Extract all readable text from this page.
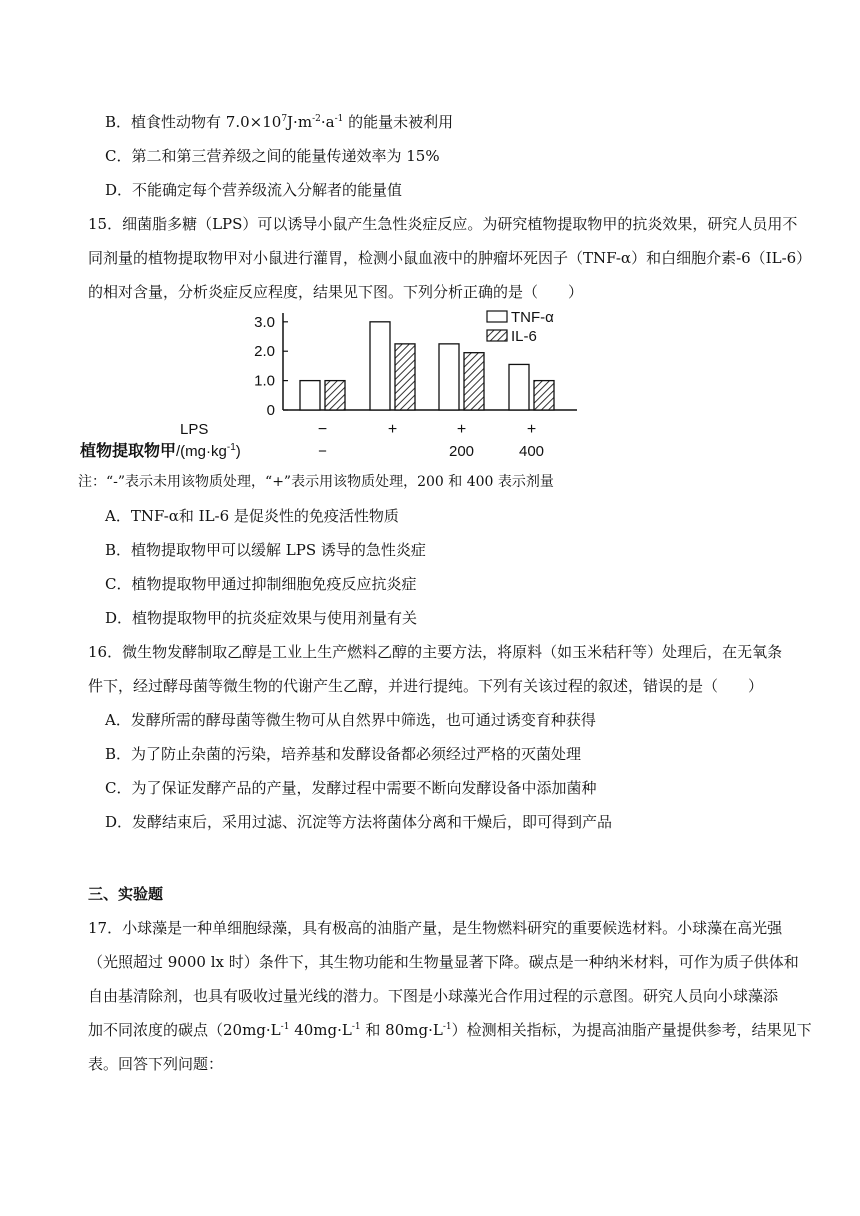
B．植食性动物有 $7.0\times 10^7J\cdot m^{-2}\cdot a^{-1}$ 的能量未被利用
C．第二和第三营养级之间的能量传递效率为 15%
D．不能确定每个营养级流入分解者的能量值
15．细菌脂多糖（LPS）可以诱导小鼠产生急性炎症反应。为研究植物提取物甲的抗炎效果，研究人员用不
同剂量的植物提取物甲对小鼠进行灌胃，检测小鼠血液中的肿瘤坏死因子（TNF-α）和白细胞介素-6（IL-6）
的相对含量，分析炎症反应程度，结果见下图。下列分析正确的是（　　）
0
1.0
2.0
3.0	TNF-α
IL-6
LPS	−	+	+	+
植物提取物甲$/(mg\cdot kg^{-1})$	−	200	400
注：“-”表示未用该物质处理，“+”表示用该物质处理，200 和 400 表示剂量
A．TNF-α和 IL-6 是促炎性的免疫活性物质
B．植物提取物甲可以缓解 LPS 诱导的急性炎症
C．植物提取物甲通过抑制细胞免疫反应抗炎症
D．植物提取物甲的抗炎症效果与使用剂量有关
16．微生物发酵制取乙醇是工业上生产燃料乙醇的主要方法，将原料（如玉米秸秆等）处理后，在无氧条
件下，经过酵母菌等微生物的代谢产生乙醇，并进行提纯。下列有关该过程的叙述，错误的是（　　）
A．发酵所需的酵母菌等微生物可从自然界中筛选，也可通过诱变育种获得
B．为了防止杂菌的污染，培养基和发酵设备都必须经过严格的灭菌处理
C．为了保证发酵产品的产量，发酵过程中需要不断向发酵设备中添加菌种
D．发酵结束后，采用过滤、沉淀等方法将菌体分离和干燥后，即可得到产品
三、实验题
17．小球藻是一种单细胞绿藻，具有极高的油脂产量，是生物燃料研究的重要候选材料。小球藻在高光强
（光照超过 9000 lx 时）条件下，其生物功能和生物量显著下降。碳点是一种纳米材料，可作为质子供体和
自由基清除剂，也具有吸收过量光线的潜力。下图是小球藻光合作用过程的示意图。研究人员向小球藻添
加不同浓度的碳点（$20mg\cdot L^{-1}$ $40mg\cdot L^{-1}$ 和 $80mg\cdot L^{-1}$）检测相关指标，为提高油脂产量提供参考，结果见下
表。回答下列问题：
